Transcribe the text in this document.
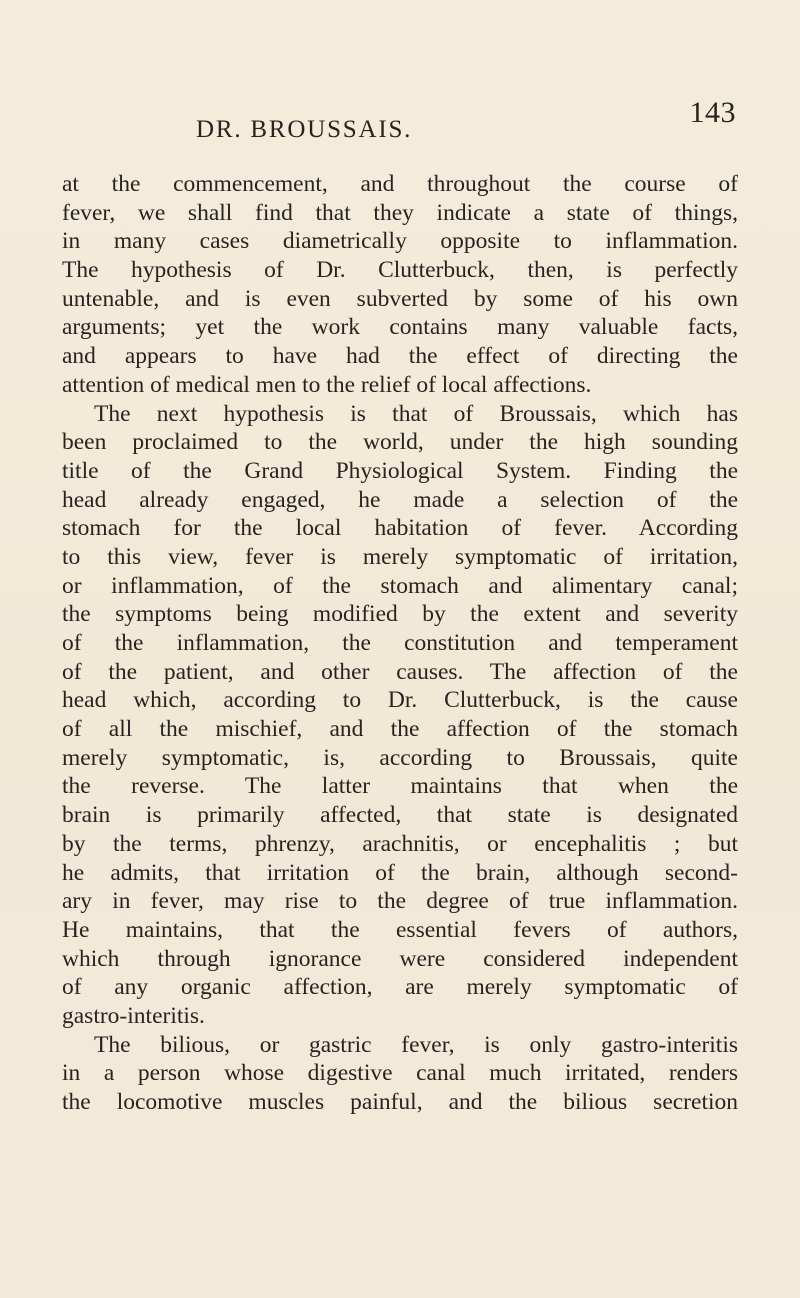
DR. BROUSSAIS.
143
at the commencement, and throughout the course of
fever, we shall find that they indicate a state of things,
in many cases diametrically opposite to inflammation.
The hypothesis of Dr. Clutterbuck, then, is perfectly
untenable, and is even subverted by some of his own
arguments; yet the work contains many valuable facts,
and appears to have had the effect of directing the
attention of medical men to the relief of local affections.
The next hypothesis is that of Broussais, which has
been proclaimed to the world, under the high sounding
title of the Grand Physiological System. Finding the
head already engaged, he made a selection of the
stomach for the local habitation of fever. According
to this view, fever is merely symptomatic of irritation,
or inflammation, of the stomach and alimentary canal;
the symptoms being modified by the extent and severity
of the inflammation, the constitution and temperament
of the patient, and other causes. The affection of the
head which, according to Dr. Clutterbuck, is the cause
of all the mischief, and the affection of the stomach
merely symptomatic, is, according to Broussais, quite
the reverse. The latter maintains that when the
brain is primarily affected, that state is designated
by the terms, phrenzy, arachnitis, or encephalitis ; but
he admits, that irritation of the brain, although second-
ary in fever, may rise to the degree of true inflammation.
He maintains, that the essential fevers of authors,
which through ignorance were considered independent
of any organic affection, are merely symptomatic of
gastro-interitis.
The bilious, or gastric fever, is only gastro-interitis
in a person whose digestive canal much irritated, renders
the locomotive muscles painful, and the bilious secretion
